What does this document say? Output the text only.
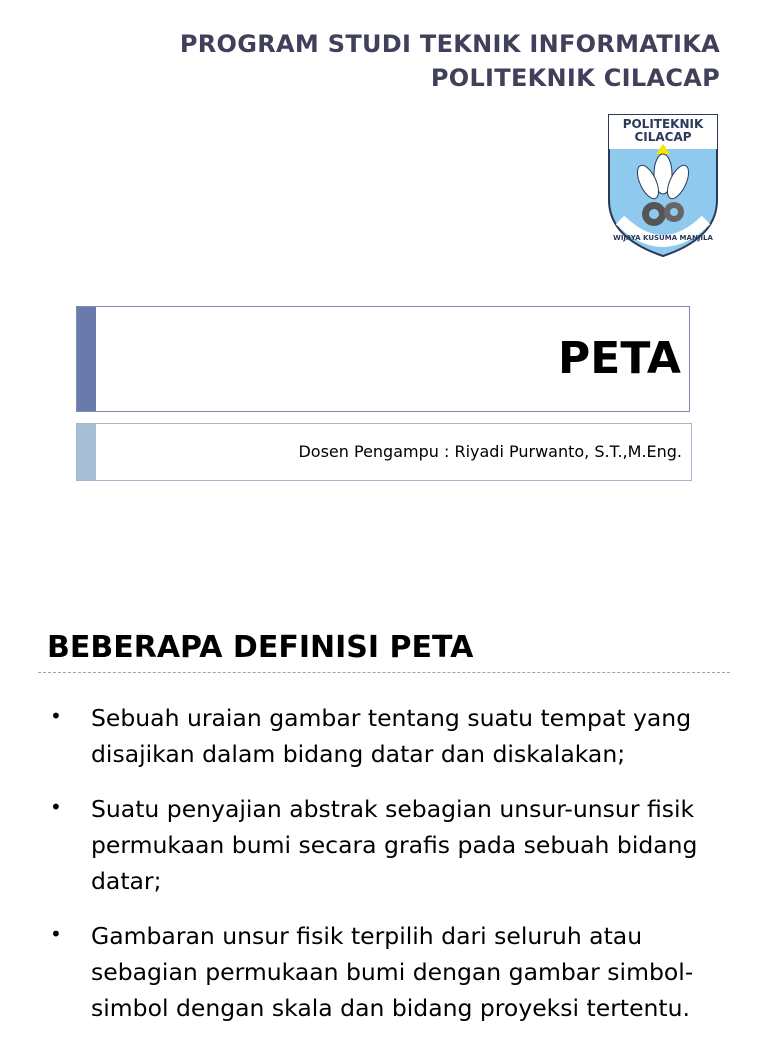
PROGRAM STUDI TEKNIK INFORMATIKA
POLITEKNIK CILACAP
POLITEKNIK
CILACAP
WIJAYA KUSUMA MANJILA
PETA
Dosen Pengampu : Riyadi Purwanto, S.T.,M.Eng.
BEBERAPA DEFINISI PETA
• Sebuah uraian gambar tentang suatu tempat yang
disajikan dalam bidang datar dan diskalakan;
• Suatu penyajian abstrak sebagian unsur-unsur fisik
permukaan bumi secara grafis pada sebuah bidang
datar;
• Gambaran unsur fisik terpilih dari seluruh atau
sebagian permukaan bumi dengan gambar simbol-
simbol dengan skala dan bidang proyeksi tertentu.
